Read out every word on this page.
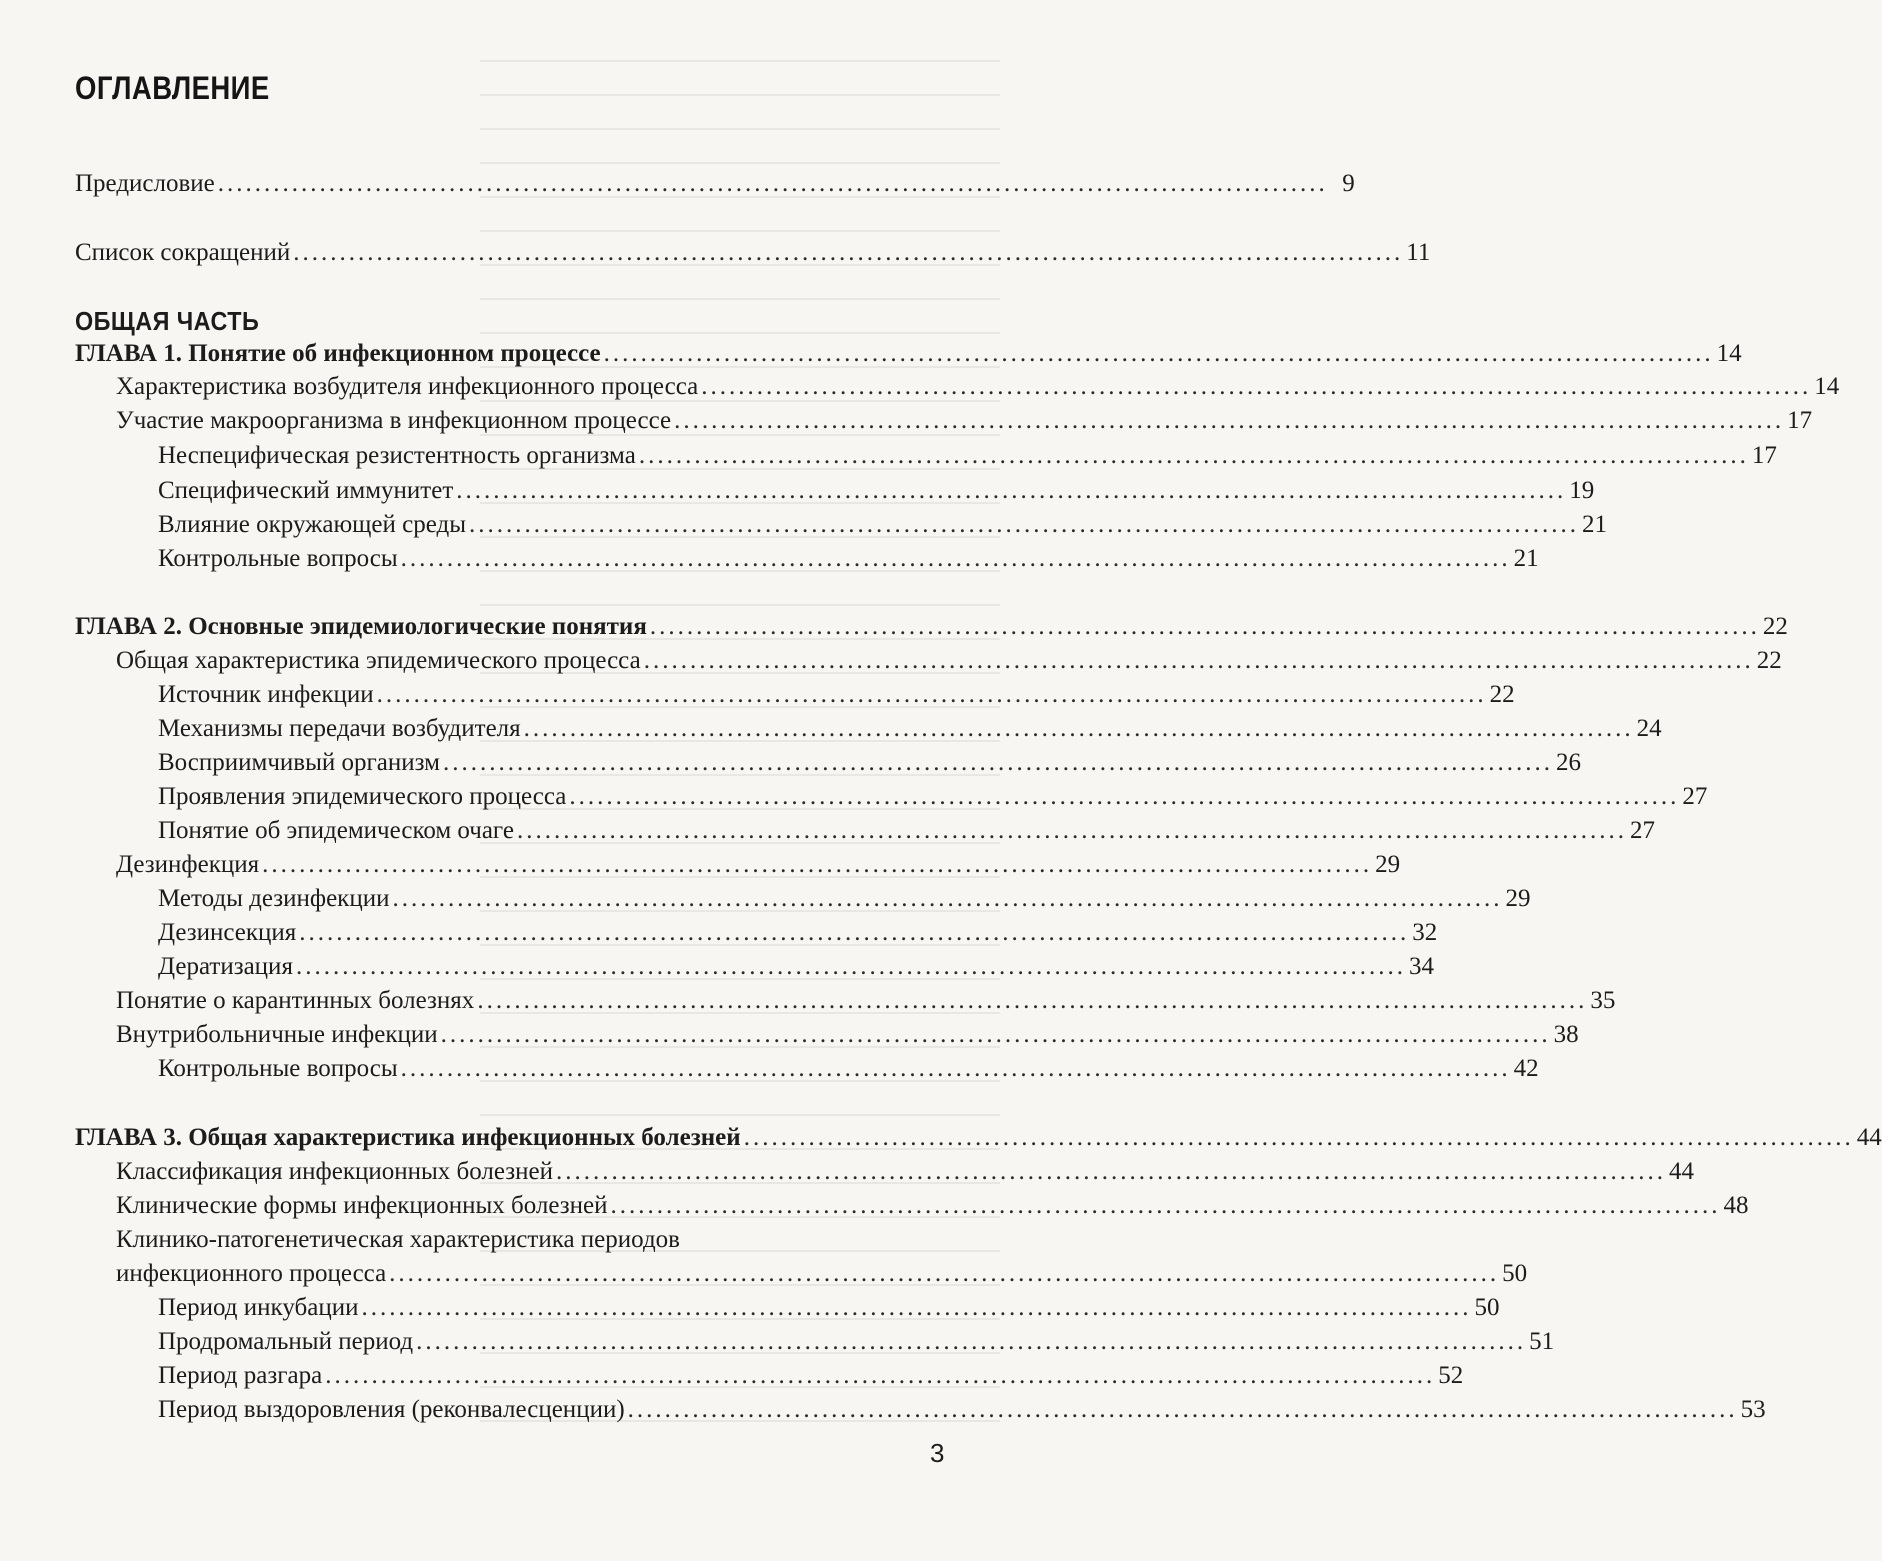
ОГЛАВЛЕНИЕ
Предисловие ........................................................................................................................ 9
Список сокращений ........................................................................................................................ 11
ОБЩАЯ ЧАСТЬ
ГЛАВА 1. Понятие об инфекционном процессе ........................................................................................................................ 14
Характеристика возбудителя инфекционного процесса ........................................................................................................................ 14
Участие макроорганизма в инфекционном процессе ........................................................................................................................ 17
Неспецифическая резистентность организма ........................................................................................................................ 17
Специфический иммунитет ........................................................................................................................ 19
Влияние окружающей среды ........................................................................................................................ 21
Контрольные вопросы ........................................................................................................................ 21
ГЛАВА 2. Основные эпидемиологические понятия ........................................................................................................................ 22
Общая характеристика эпидемического процесса ........................................................................................................................ 22
Источник инфекции ........................................................................................................................ 22
Механизмы передачи возбудителя ........................................................................................................................ 24
Восприимчивый организм ........................................................................................................................ 26
Проявления эпидемического процесса ........................................................................................................................ 27
Понятие об эпидемическом очаге ........................................................................................................................ 27
Дезинфекция ........................................................................................................................ 29
Методы дезинфекции ........................................................................................................................ 29
Дезинсекция ........................................................................................................................ 32
Дератизация ........................................................................................................................ 34
Понятие о карантинных болезнях ........................................................................................................................ 35
Внутрибольничные инфекции ........................................................................................................................ 38
Контрольные вопросы ........................................................................................................................ 42
ГЛАВА 3. Общая характеристика инфекционных болезней ........................................................................................................................ 44
Классификация инфекционных болезней ........................................................................................................................ 44
Клинические формы инфекционных болезней ........................................................................................................................ 48
Клинико-патогенетическая характеристика периодов
инфекционного процесса ........................................................................................................................ 50
Период инкубации ........................................................................................................................ 50
Продромальный период ........................................................................................................................ 51
Период разгара ........................................................................................................................ 52
Период выздоровления (реконвалесценции) ........................................................................................................................ 53
3
